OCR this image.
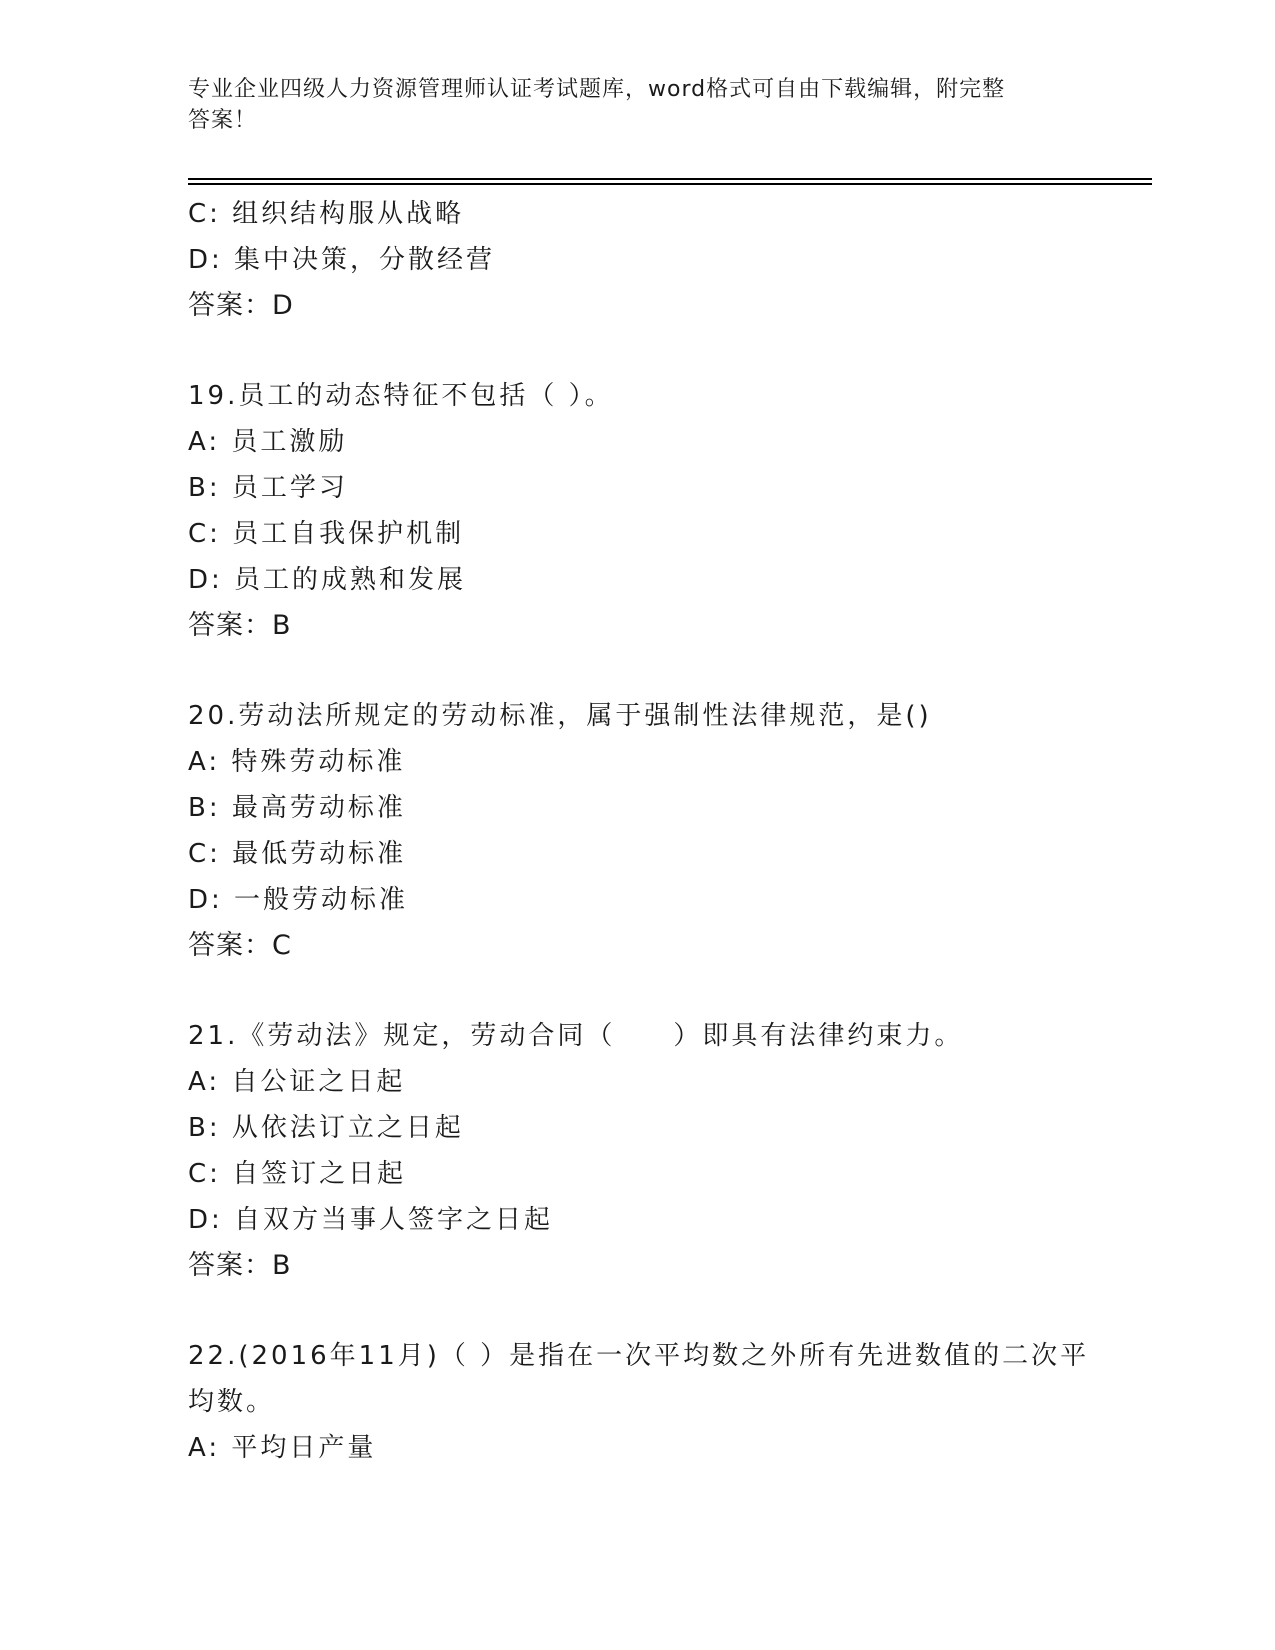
专业企业四级人力资源管理师认证考试题库，word格式可自由下载编辑，附完整
答案！
C: 组织结构服从战略
D: 集中决策，分散经营
答案：D
19.员工的动态特征不包括（ ）。
A: 员工激励
B: 员工学习
C: 员工自我保护机制
D: 员工的成熟和发展
答案：B
20.劳动法所规定的劳动标准，属于强制性法律规范，是()
A: 特殊劳动标准
B: 最高劳动标准
C: 最低劳动标准
D: 一般劳动标准
答案：C
21.《劳动法》规定，劳动合同（　　）即具有法律约束力。
A: 自公证之日起
B: 从依法订立之日起
C: 自签订之日起
D: 自双方当事人签字之日起
答案：B
22.(2016年11月)（ ）是指在一次平均数之外所有先进数值的二次平
均数。
A: 平均日产量
